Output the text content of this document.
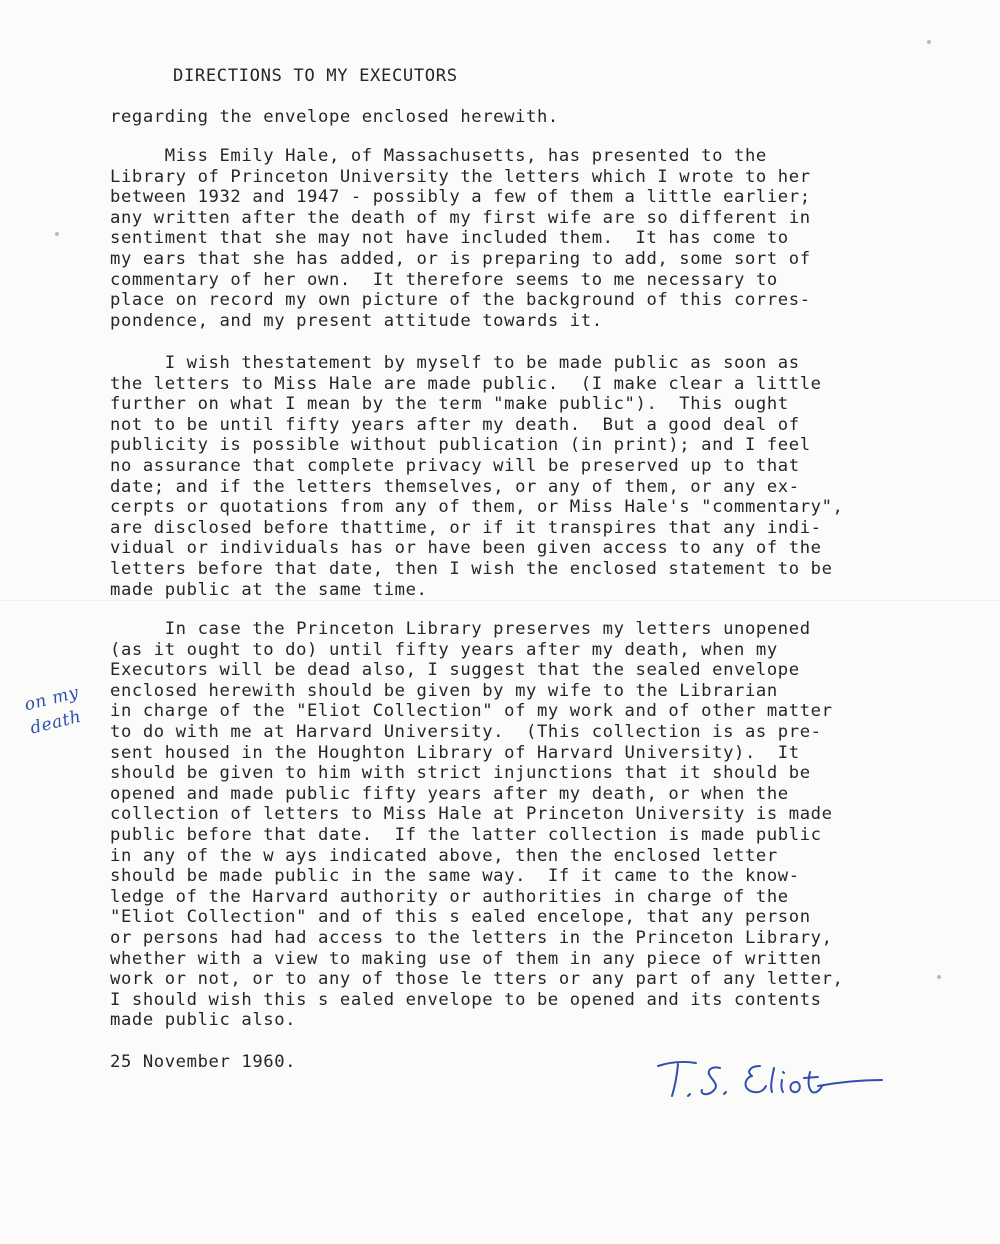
DIRECTIONS TO MY EXECUTORS

regarding the envelope enclosed herewith.

Miss Emily Hale, of Massachusetts, has presented to the
Library of Princeton University the letters which I wrote to her
between 1932 and 1947 - possibly a few of them a little earlier;
any written after the death of my first wife are so different in
sentiment that she may not have included them.  It has come to
my ears that she has added, or is preparing to add, some sort of
commentary of her own.  It therefore seems to me necessary to
place on record my own picture of the background of this corres-
pondence, and my present attitude towards it.
I wish thestatement by myself to be made public as soon as
the letters to Miss Hale are made public.  (I make clear a little
further on what I mean by the term "make public").  This ought
not to be until fifty years after my death.  But a good deal of
publicity is possible without publication (in print); and I feel
no assurance that complete privacy will be preserved up to that
date; and if the letters themselves, or any of them, or any ex-
cerpts or quotations from any of them, or Miss Hale's "commentary",
are disclosed before thattime, or if it transpires that any indi-
vidual or individuals has or have been given access to any of the
letters before that date, then I wish the enclosed statement to be
made public at the same time.
In case the Princeton Library preserves my letters unopened
(as it ought to do) until fifty years after my death, when my
Executors will be dead also, I suggest that the sealed envelope
enclosed herewith should be given by my wife to the Librarian
in charge of the "Eliot Collection" of my work and of other matter
to do with me at Harvard University.  (This collection is as pre-
sent housed in the Houghton Library of Harvard University).  It
should be given to him with strict injunctions that it should be
opened and made public fifty years after my death, or when the
collection of letters to Miss Hale at Princeton University is made
public before that date.  If the latter collection is made public
in any of the w ays indicated above, then the enclosed letter
should be made public in the same way.  If it came to the know-
ledge of the Harvard authority or authorities in charge of the
"Eliot Collection" and of this s ealed encelope, that any person
or persons had had access to the letters in the Princeton Library,
whether with a view to making use of them in any piece of written
work or not, or to any of those le tters or any part of any letter,
I should wish this s ealed envelope to be opened and its contents
made public also.
on my
death

25 November 1960.
